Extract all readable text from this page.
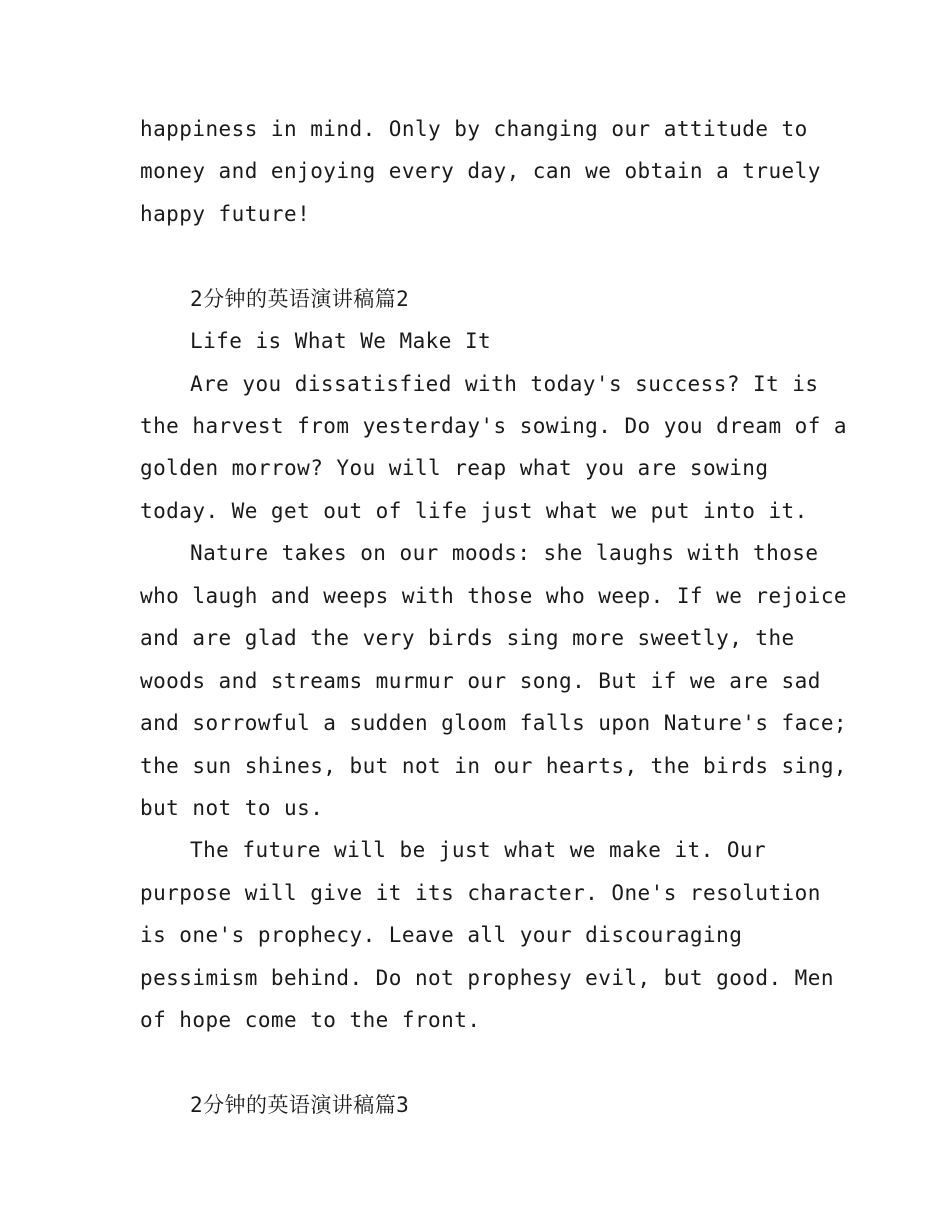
happiness in mind. Only by changing our attitude to
money and enjoying every day, can we obtain a truely
happy future!
2分钟的英语演讲稿篇2
Life is What We Make It
Are you dissatisfied with today's success? It is
the harvest from yesterday's sowing. Do you dream of a
golden morrow? You will reap what you are sowing
today. We get out of life just what we put into it.
Nature takes on our moods: she laughs with those
who laugh and weeps with those who weep. If we rejoice
and are glad the very birds sing more sweetly, the
woods and streams murmur our song. But if we are sad
and sorrowful a sudden gloom falls upon Nature's face;
the sun shines, but not in our hearts, the birds sing,
but not to us.
The future will be just what we make it. Our
purpose will give it its character. One's resolution
is one's prophecy. Leave all your discouraging
pessimism behind. Do not prophesy evil, but good. Men
of hope come to the front.
2分钟的英语演讲稿篇3
